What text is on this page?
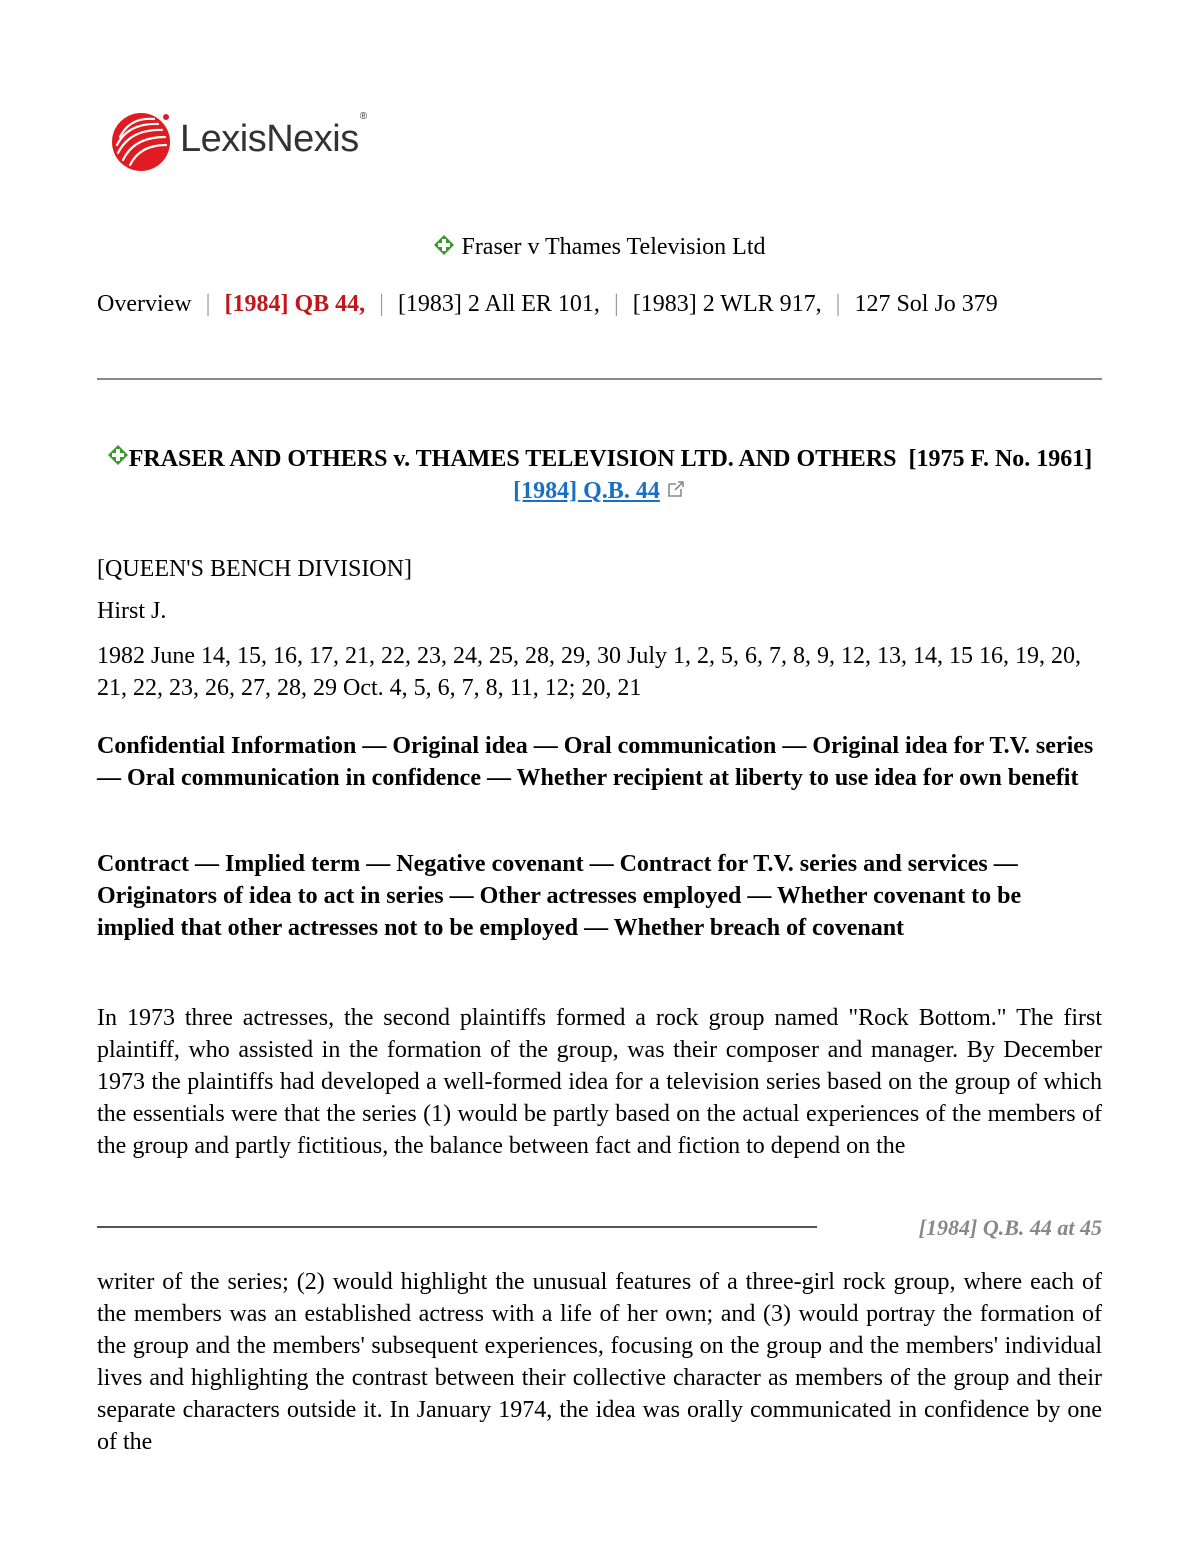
LexisNexis®
Fraser v Thames Television Ltd
Overview | [1984] QB 44, | [1983] 2 All ER 101, | [1983] 2 WLR 917, | 127 Sol Jo 379
FRASER AND OTHERS v. THAMES TELEVISION LTD. AND OTHERS [1975 F. No. 1961] [1984] Q.B. 44
[QUEEN'S BENCH DIVISION]
Hirst J.
1982 June 14, 15, 16, 17, 21, 22, 23, 24, 25, 28, 29, 30 July 1, 2, 5, 6, 7, 8, 9, 12, 13, 14, 15 16, 19, 20, 21, 22, 23, 26, 27, 28, 29 Oct. 4, 5, 6, 7, 8, 11, 12; 20, 21
Confidential Information — Original idea — Oral communication — Original idea for T.V. series — Oral communication in confidence — Whether recipient at liberty to use idea for own benefit
Contract — Implied term — Negative covenant — Contract for T.V. series and services — Originators of idea to act in series — Other actresses employed — Whether covenant to be implied that other actresses not to be employed — Whether breach of covenant
In 1973 three actresses, the second plaintiffs formed a rock group named "Rock Bottom." The first plaintiff, who assisted in the formation of the group, was their composer and manager. By December 1973 the plaintiffs had developed a well-formed idea for a television series based on the group of which the essentials were that the series (1) would be partly based on the actual experiences of the members of the group and partly fictitious, the balance between fact and fiction to depend on the
[1984] Q.B. 44 at 45
writer of the series; (2) would highlight the unusual features of a three-girl rock group, where each of the members was an established actress with a life of her own; and (3) would portray the formation of the group and the members' subsequent experiences, focusing on the group and the members' individual lives and highlighting the contrast between their collective character as members of the group and their separate characters outside it. In January 1974, the idea was orally communicated in confidence by one of the
